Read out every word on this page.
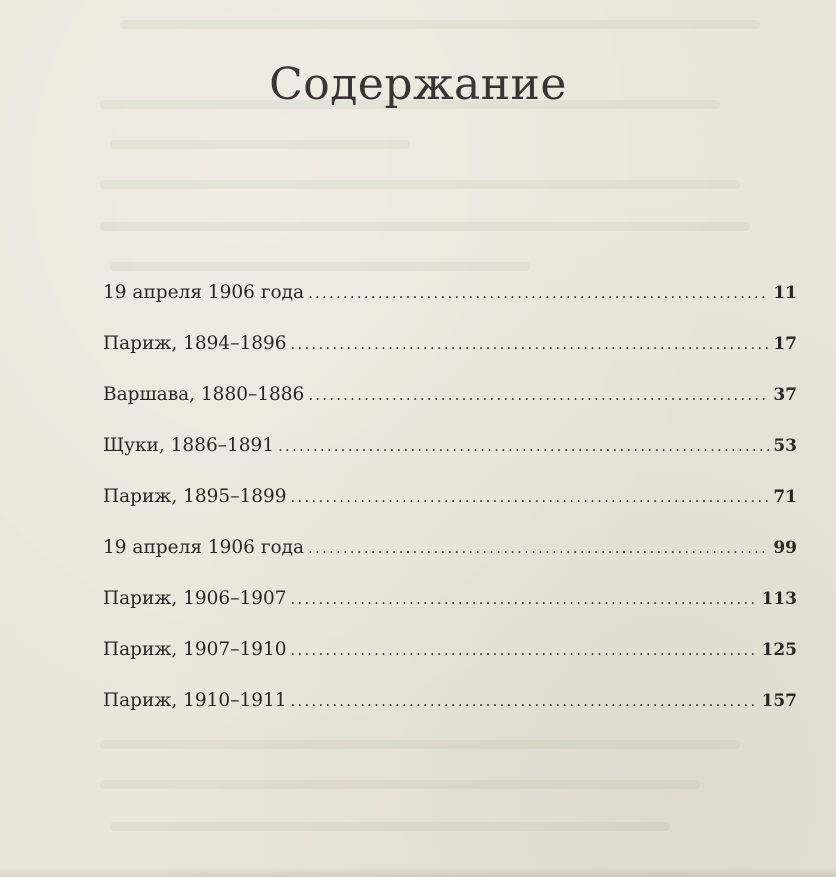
Содержание
19 апреля 1906 года .....	11
Париж, 1894–1896 .....	17
Варшава, 1880–1886 .....	37
Щуки, 1886–1891 .....	53
Париж, 1895–1899 .....	71
19 апреля 1906 года .....	99
Париж, 1906–1907 .....	113
Париж, 1907–1910 .....	125
Париж, 1910–1911 .....	157
